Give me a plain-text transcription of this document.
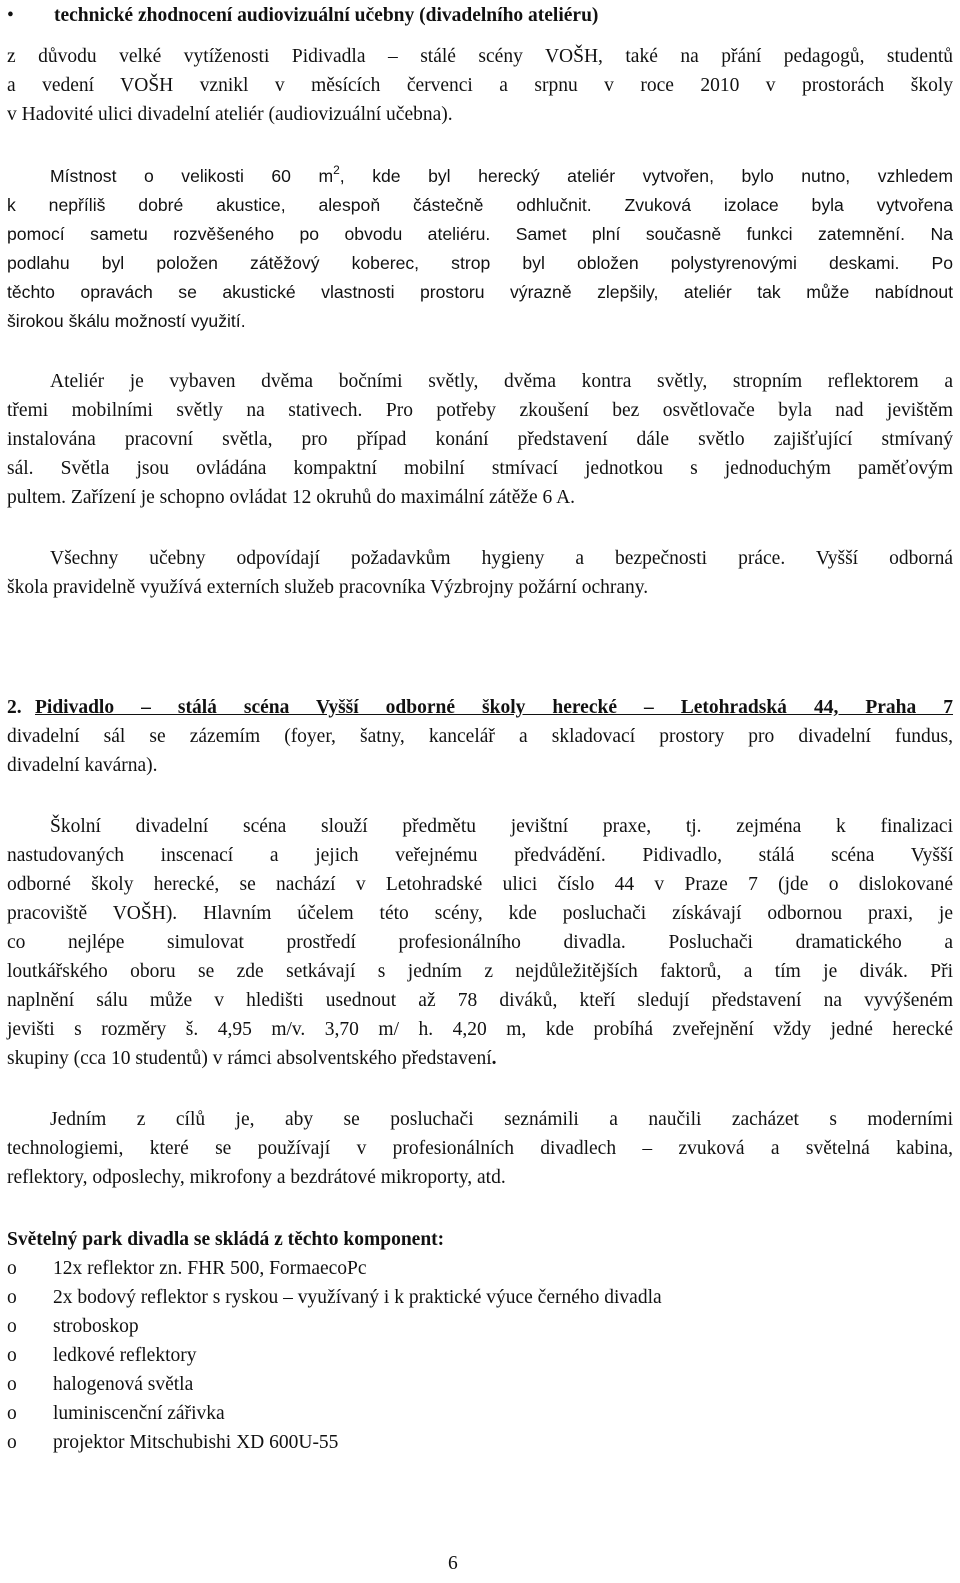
•	technické zhodnocení audiovizuální učebny (divadelního ateliéru)
z důvodu velké vytíženosti Pidivadla – stálé scény VOŠH, také na přání pedagogů, studentů
a vedení VOŠH vznikl v měsících červenci a srpnu v roce 2010 v prostorách školy
v Hadovité ulici divadelní ateliér (audiovizuální učebna).
Místnost o velikosti 60 $m^2$, kde byl herecký ateliér vytvořen, bylo nutno, vzhledem
k nepříliš dobré akustice, alespoň částečně odhlučnit. Zvuková izolace byla vytvořena
pomocí sametu rozvěšeného po obvodu ateliéru. Samet plní současně funkci zatemnění. Na
podlahu byl položen zátěžový koberec, strop byl obložen polystyrenovými deskami. Po
těchto opravách se akustické vlastnosti prostoru výrazně zlepšily, ateliér tak může nabídnout
širokou škálu možností využití.
Ateliér je vybaven dvěma bočními světly, dvěma kontra světly, stropním reflektorem a
třemi mobilními světly na stativech. Pro potřeby zkoušení bez osvětlovače byla nad jevištěm
instalována pracovní světla, pro případ konání představení dále světlo zajišťující stmívaný
sál. Světla jsou ovládána kompaktní mobilní stmívací jednotkou s jednoduchým paměťovým
pultem. Zařízení je schopno ovládat 12 okruhů do maximální zátěže 6 A.
Všechny učebny odpovídají požadavkům hygieny a bezpečnosti práce. Vyšší odborná
škola pravidelně využívá externích služeb pracovníka Výzbrojny požární ochrany.
2. Pidivadlo – stálá scéna Vyšší odborné školy herecké – Letohradská 44, Praha 7
divadelní sál se zázemím (foyer, šatny, kancelář a skladovací prostory pro divadelní fundus,
divadelní kavárna).
Školní divadelní scéna slouží předmětu jevištní praxe, tj. zejména k finalizaci
nastudovaných inscenací a jejich veřejnému předvádění. Pidivadlo, stálá scéna Vyšší
odborné školy herecké, se nachází v Letohradské ulici číslo 44 v Praze 7 (jde o dislokované
pracoviště VOŠH). Hlavním účelem této scény, kde posluchači získávají odbornou praxi, je
co nejlépe simulovat prostředí profesionálního divadla. Posluchači dramatického a
loutkářského oboru se zde setkávají s jedním z nejdůležitějších faktorů, a tím je divák. Při
naplnění sálu může v hledišti usednout až 78 diváků, kteří sledují představení na vyvýšeném
jevišti s rozměry š. 4,95 m/v. 3,70 m/ h. 4,20 m, kde probíhá zveřejnění vždy jedné herecké
skupiny (cca 10 studentů) v rámci absolventského představení.
Jedním z cílů je, aby se posluchači seznámili a naučili zacházet s moderními
technologiemi, které se používají v profesionálních divadlech – zvuková a světelná kabina,
reflektory, odposlechy, mikrofony a bezdrátové mikroporty, atd.
Světelný park divadla se skládá z těchto komponent:
o 12x reflektor zn. FHR 500, FormaecoPc
o 2x bodový reflektor s ryskou – využívaný i k praktické výuce černého divadla
o stroboskop
o ledkové reflektory
o halogenová světla
o luminiscenční zářivka
o projektor Mitschubishi XD 600U-55
6
